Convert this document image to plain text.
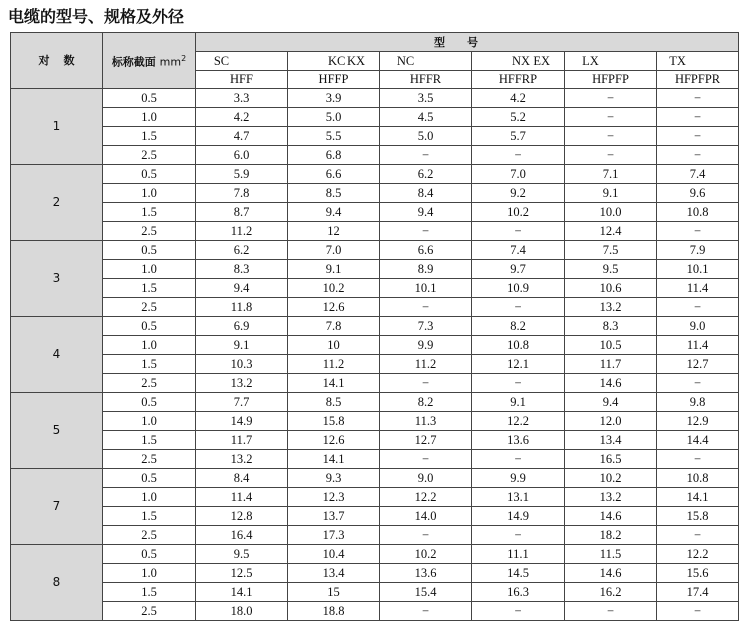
电缆的型号、规格及外径
对数	标称截面 $mm^2$	型号					

		SC	KC KX	NC	NX EX	LX	TX

		HFF	HFFP	HFFR	HFFRP	HFPFP	HFPFPR
1	0.5	3.3	3.9	3.5	4.2	−	−
	1.0	4.2	5.0	4.5	5.2	−	−
	1.5	4.7	5.5	5.0	5.7	−	−
	2.5	6.0	6.8	−	−	−	−
2	0.5	5.9	6.6	6.2	7.0	7.1	7.4
	1.0	7.8	8.5	8.4	9.2	9.1	9.6
	1.5	8.7	9.4	9.4	10.2	10.0	10.8
	2.5	11.2	12	−	−	12.4	−
3	0.5	6.2	7.0	6.6	7.4	7.5	7.9
	1.0	8.3	9.1	8.9	9.7	9.5	10.1
	1.5	9.4	10.2	10.1	10.9	10.6	11.4
	2.5	11.8	12.6	−	−	13.2	−
4	0.5	6.9	7.8	7.3	8.2	8.3	9.0
	1.0	9.1	10	9.9	10.8	10.5	11.4
	1.5	10.3	11.2	11.2	12.1	11.7	12.7
	2.5	13.2	14.1	−	−	14.6	−
5	0.5	7.7	8.5	8.2	9.1	9.4	9.8
	1.0	14.9	15.8	11.3	12.2	12.0	12.9
	1.5	11.7	12.6	12.7	13.6	13.4	14.4
	2.5	13.2	14.1	−	−	16.5	−
7	0.5	8.4	9.3	9.0	9.9	10.2	10.8
	1.0	11.4	12.3	12.2	13.1	13.2	14.1
	1.5	12.8	13.7	14.0	14.9	14.6	15.8
	2.5	16.4	17.3	−	−	18.2	−
8	0.5	9.5	10.4	10.2	11.1	11.5	12.2
	1.0	12.5	13.4	13.6	14.5	14.6	15.6
	1.5	14.1	15	15.4	16.3	16.2	17.4
	2.5	18.0	18.8	−	−	−	−
